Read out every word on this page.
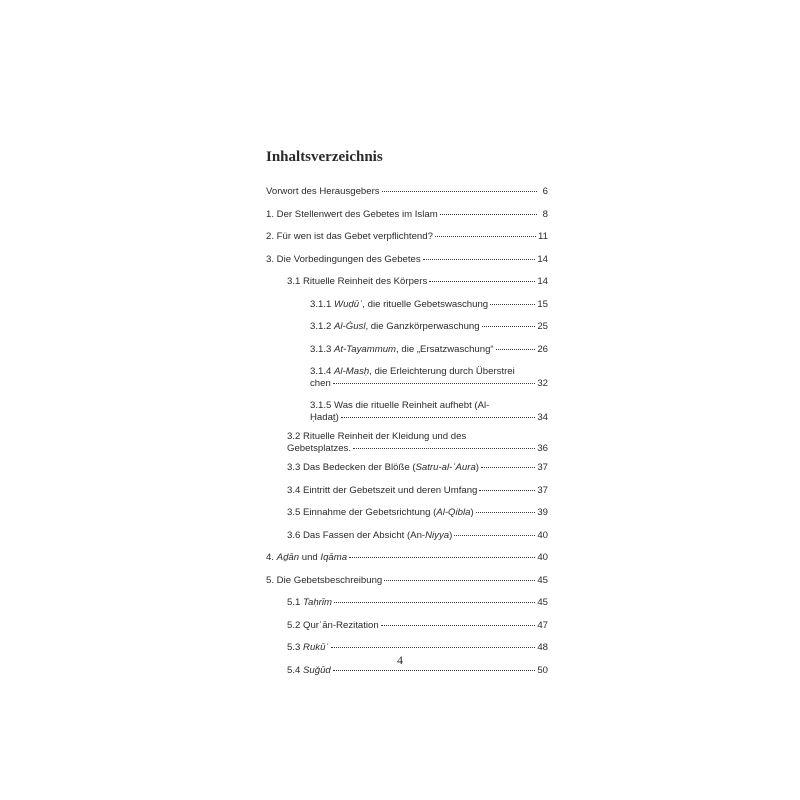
Inhaltsverzeichnis
Vorwort des Herausgebers	6
1. Der Stellenwert des Gebetes im Islam	8
2. Für wen ist das Gebet verpflichtend?	11
3. Die Vorbedingungen des Gebetes	14
3.1 Rituelle Reinheit des Körpers	14
3.1.1 Wuḍūʾ, die rituelle Gebetswaschung	15
3.1.2 Al-Ġusl, die Ganzkörperwaschung	25
3.1.3 At-Tayammum, die „Ersatzwaschung“	26
3.1.4 Al-Masḥ, die Erleichterung durch Überstrei
chen	32
3.1.5 Was die rituelle Reinheit aufhebt (Al-
Ḥadaṯ)	34
3.2 Rituelle Reinheit der Kleidung und des
Gebetsplatzes.	36
3.3 Das Bedecken der Blöße (Satru-al-ʿAura)	37
3.4 Eintritt der Gebetszeit und deren Umfang	37
3.5 Einnahme der Gebetsrichtung (Al-Qibla)	39
3.6 Das Fassen der Absicht (An-Niyya)	40
4. Aḏān und Iqāma	40
5. Die Gebetsbeschreibung	45
5.1 Taḥrīm	45
5.2 Qurʾān-Rezitation	47
5.3 Rukūʿ	48
5.4 Suǧūd	50
4
